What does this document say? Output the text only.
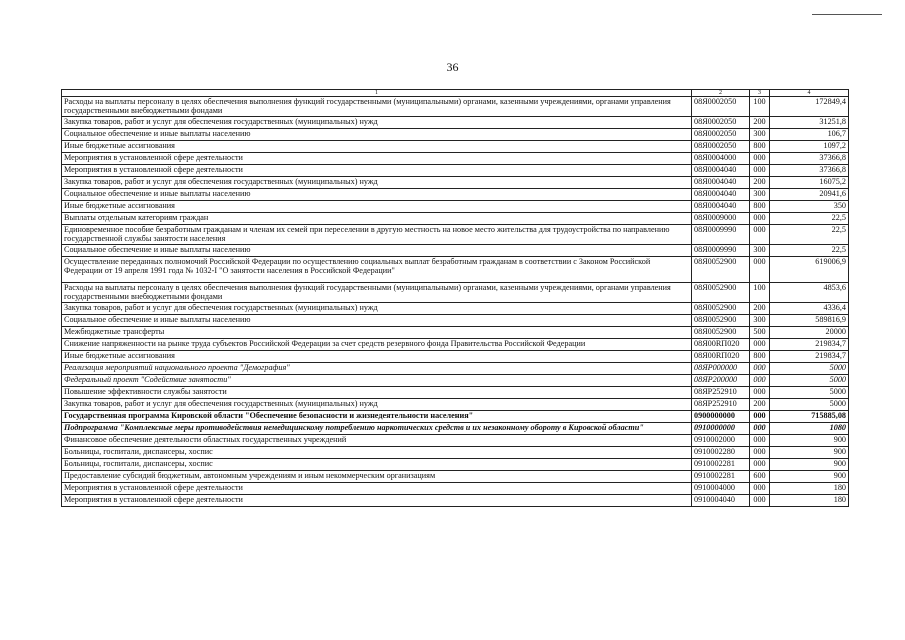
36
1	2	3	4
Расходы на выплаты персоналу в целях обеспечения выполнения функций государственными (муниципальными) органами, казенными учреждениями, органами управления государственными внебюджетными фондами	08Я0002050	100	172849,4
Закупка товаров, работ и услуг для обеспечения государственных (муниципальных) нужд	08Я0002050	200	31251,8
Социальное обеспечение и иные выплаты населению	08Я0002050	300	106,7
Иные бюджетные ассигнования	08Я0002050	800	1097,2
Мероприятия в установленной сфере деятельности	08Я0004000	000	37366,8
Мероприятия в установленной сфере деятельности	08Я0004040	000	37366,8
Закупка товаров, работ и услуг для обеспечения государственных (муниципальных) нужд	08Я0004040	200	16075,2
Социальное обеспечение и иные выплаты населению	08Я0004040	300	20941,6
Иные бюджетные ассигнования	08Я0004040	800	350
Выплаты отдельным категориям граждан	08Я0009000	000	22,5
Единовременное пособие безработным гражданам и членам их семей при переселении в другую местность на новое место жительства для трудоустройства по направлению государственной службы занятости населения	08Я0009990	000	22,5
Социальное обеспечение и иные выплаты населению	08Я0009990	300	22,5
Осуществление переданных полномочий Российской Федерации по осуществлению социальных выплат безработным гражданам в соответствии с Законом Российской Федерации от 19 апреля 1991 года № 1032-I "О занятости населения в Российской Федерации"	08Я0052900	000	619006,9
Расходы на выплаты персоналу в целях обеспечения выполнения функций государственными (муниципальными) органами, казенными учреждениями, органами управления государственными внебюджетными фондами	08Я0052900	100	4853,6
Закупка товаров, работ и услуг для обеспечения государственных (муниципальных) нужд	08Я0052900	200	4336,4
Социальное обеспечение и иные выплаты населению	08Я0052900	300	589816,9
Межбюджетные трансферты	08Я0052900	500	20000
Снижение напряженности на рынке труда субъектов Российской Федерации за счет средств резервного фонда Правительства Российской Федерации	08Я00RП020	000	219834,7
Иные бюджетные ассигнования	08Я00RП020	800	219834,7
Реализация мероприятий национального проекта "Демография"	08ЯР000000	000	5000
Федеральный проект "Содействие занятости"	08ЯР200000	000	5000
Повышение эффективности службы занятости	08ЯР252910	000	5000
Закупка товаров, работ и услуг для обеспечения государственных (муниципальных) нужд	08ЯР252910	200	5000
Государственная программа Кировской области "Обеспечение безопасности и жизнедеятельности населения"	0900000000	000	715885,08
Подпрограмма "Комплексные меры противодействия немедицинскому потреблению наркотических средств и их незаконному обороту в Кировской области"	0910000000	000	1080
Финансовое обеспечение деятельности областных государственных учреждений	0910002000	000	900
Больницы, госпитали, диспансеры, хоспис	0910002280	000	900
Больницы, госпитали, диспансеры, хоспис	0910002281	000	900
Предоставление субсидий бюджетным, автономным учреждениям и иным некоммерческим организациям	0910002281	600	900
Мероприятия в установленной сфере деятельности	0910004000	000	180
Мероприятия в установленной сфере деятельности	0910004040	000	180
